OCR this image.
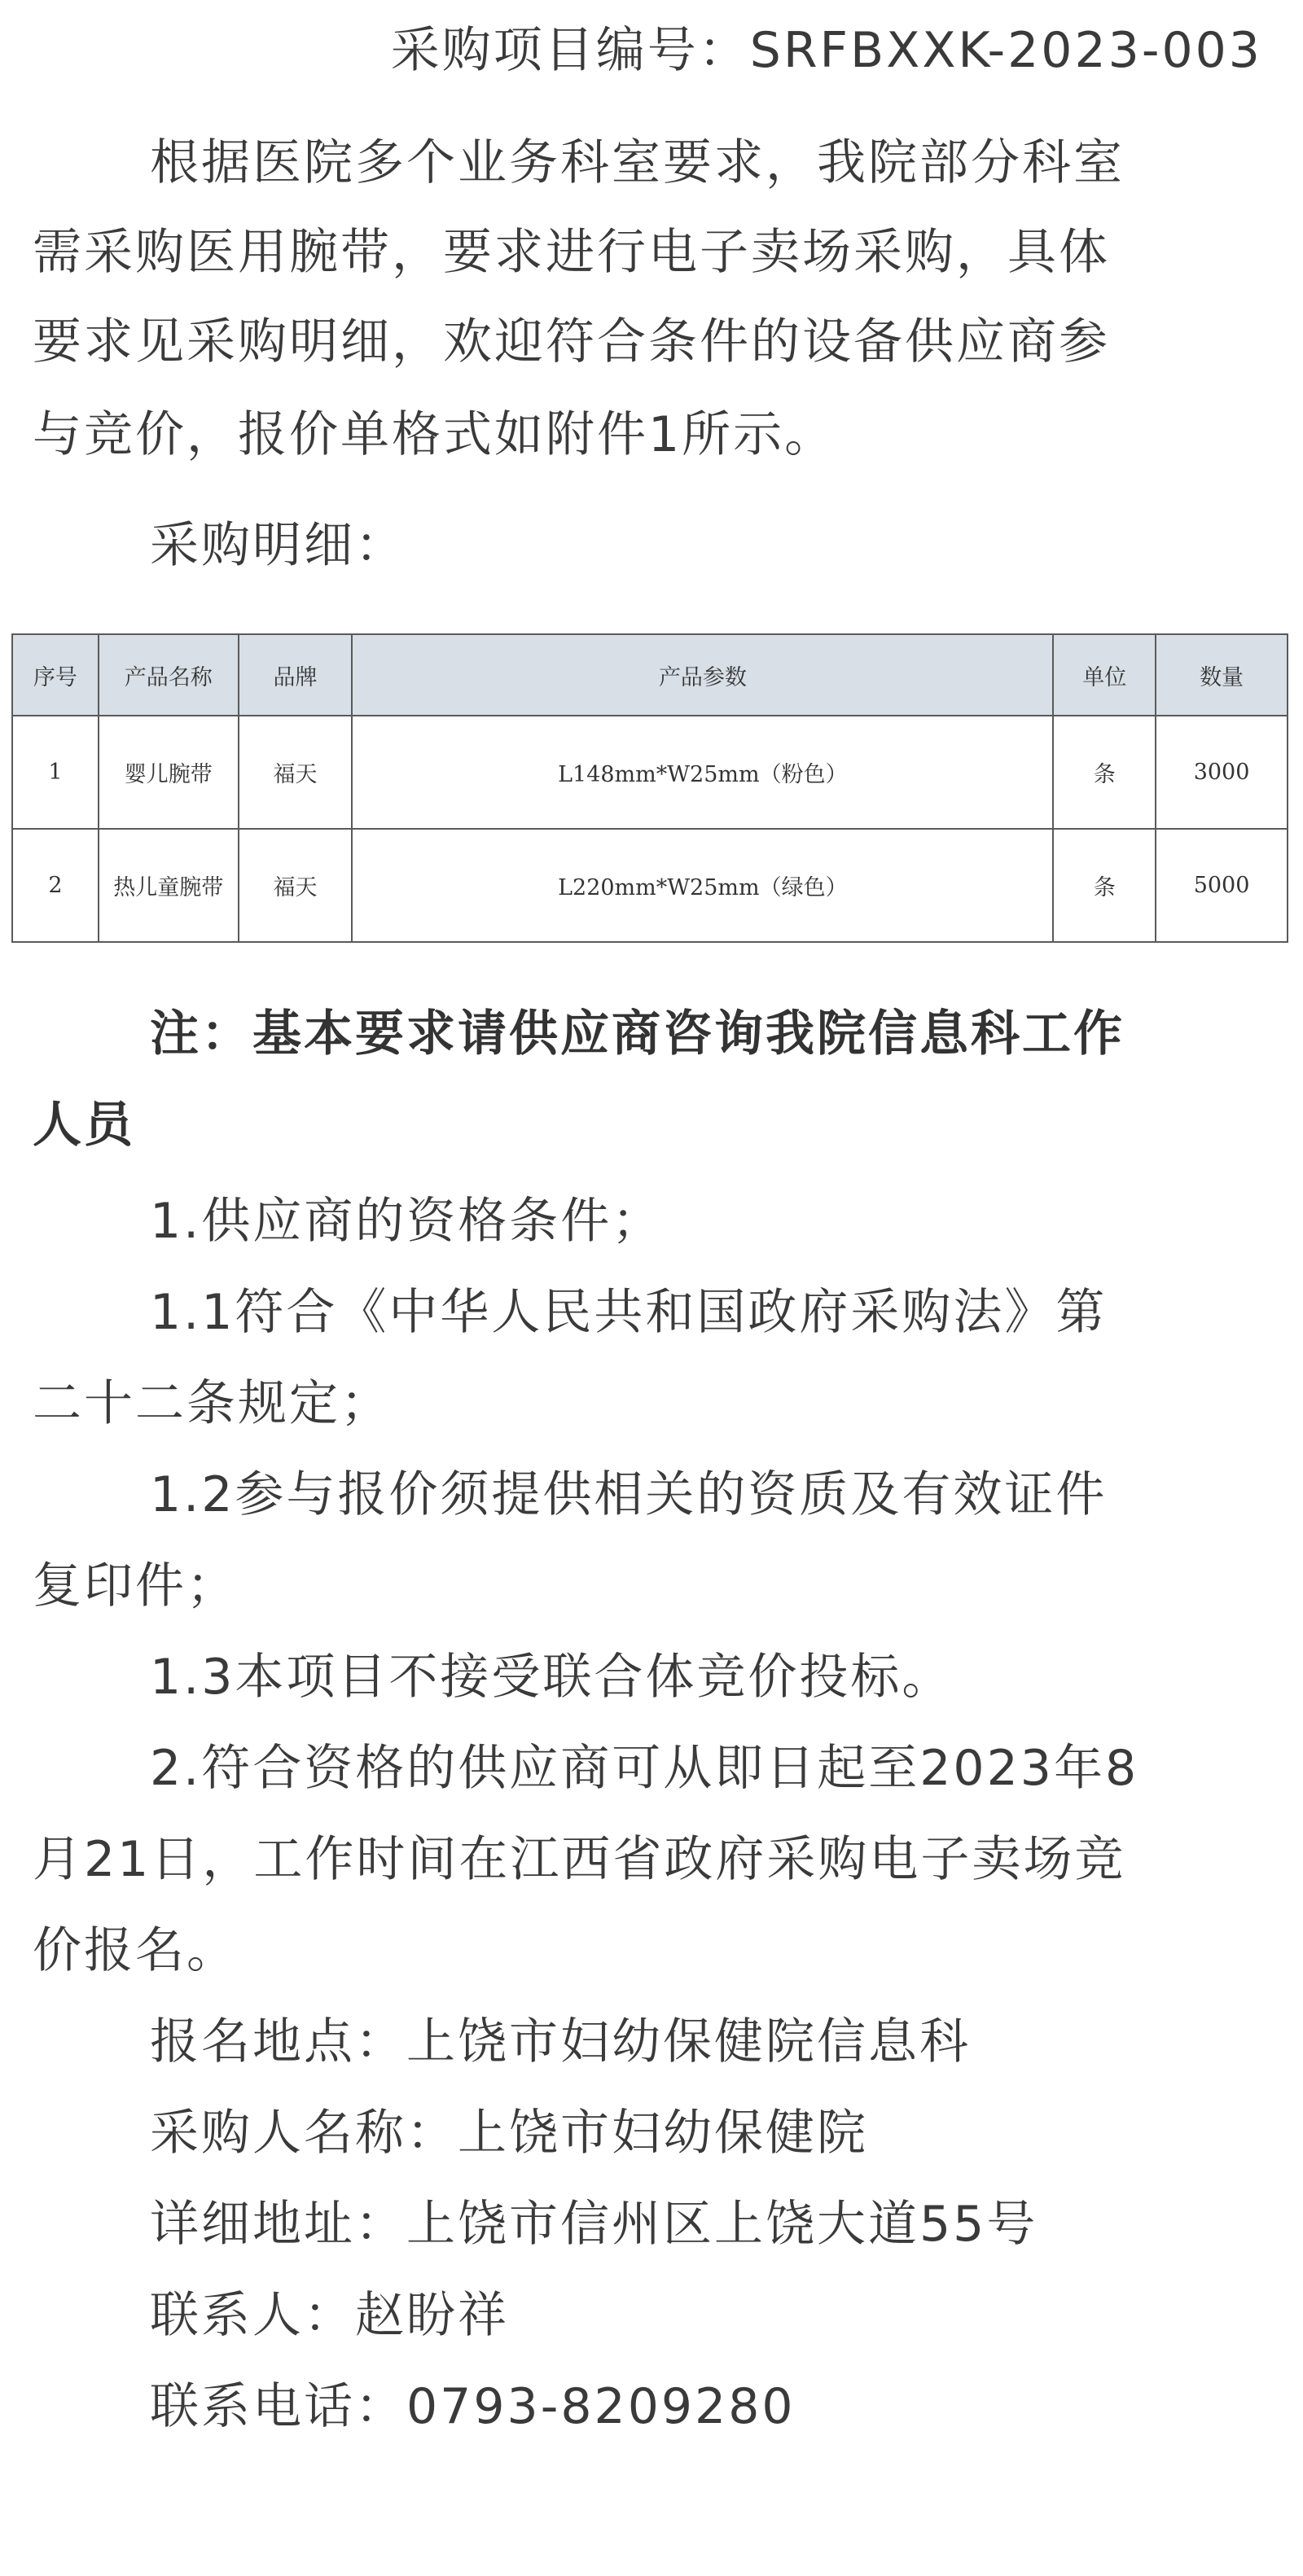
采购项目编号：SRFBXXK-2023-003
根据医院多个业务科室要求，我院部分科室
需采购医用腕带，要求进行电子卖场采购，具体
要求见采购明细，欢迎符合条件的设备供应商参
与竞价，报价单格式如附件1所示。
采购明细：
序号	产品名称	品牌	产品参数	单位	数量
1	婴儿腕带	福天	L148mm*W25mm（粉色）	条	3000
2	热儿童腕带	福天	L220mm*W25mm（绿色）	条	5000
注：基本要求请供应商咨询我院信息科工作
人员
1.供应商的资格条件；
1.1符合《中华人民共和国政府采购法》第
二十二条规定；
1.2参与报价须提供相关的资质及有效证件
复印件；
1.3本项目不接受联合体竞价投标。
2.符合资格的供应商可从即日起至2023年8
月21日，工作时间在江西省政府采购电子卖场竞
价报名。
报名地点：上饶市妇幼保健院信息科
采购人名称：上饶市妇幼保健院
详细地址：上饶市信州区上饶大道55号
联系人：赵盼祥
联系电话：0793-8209280
